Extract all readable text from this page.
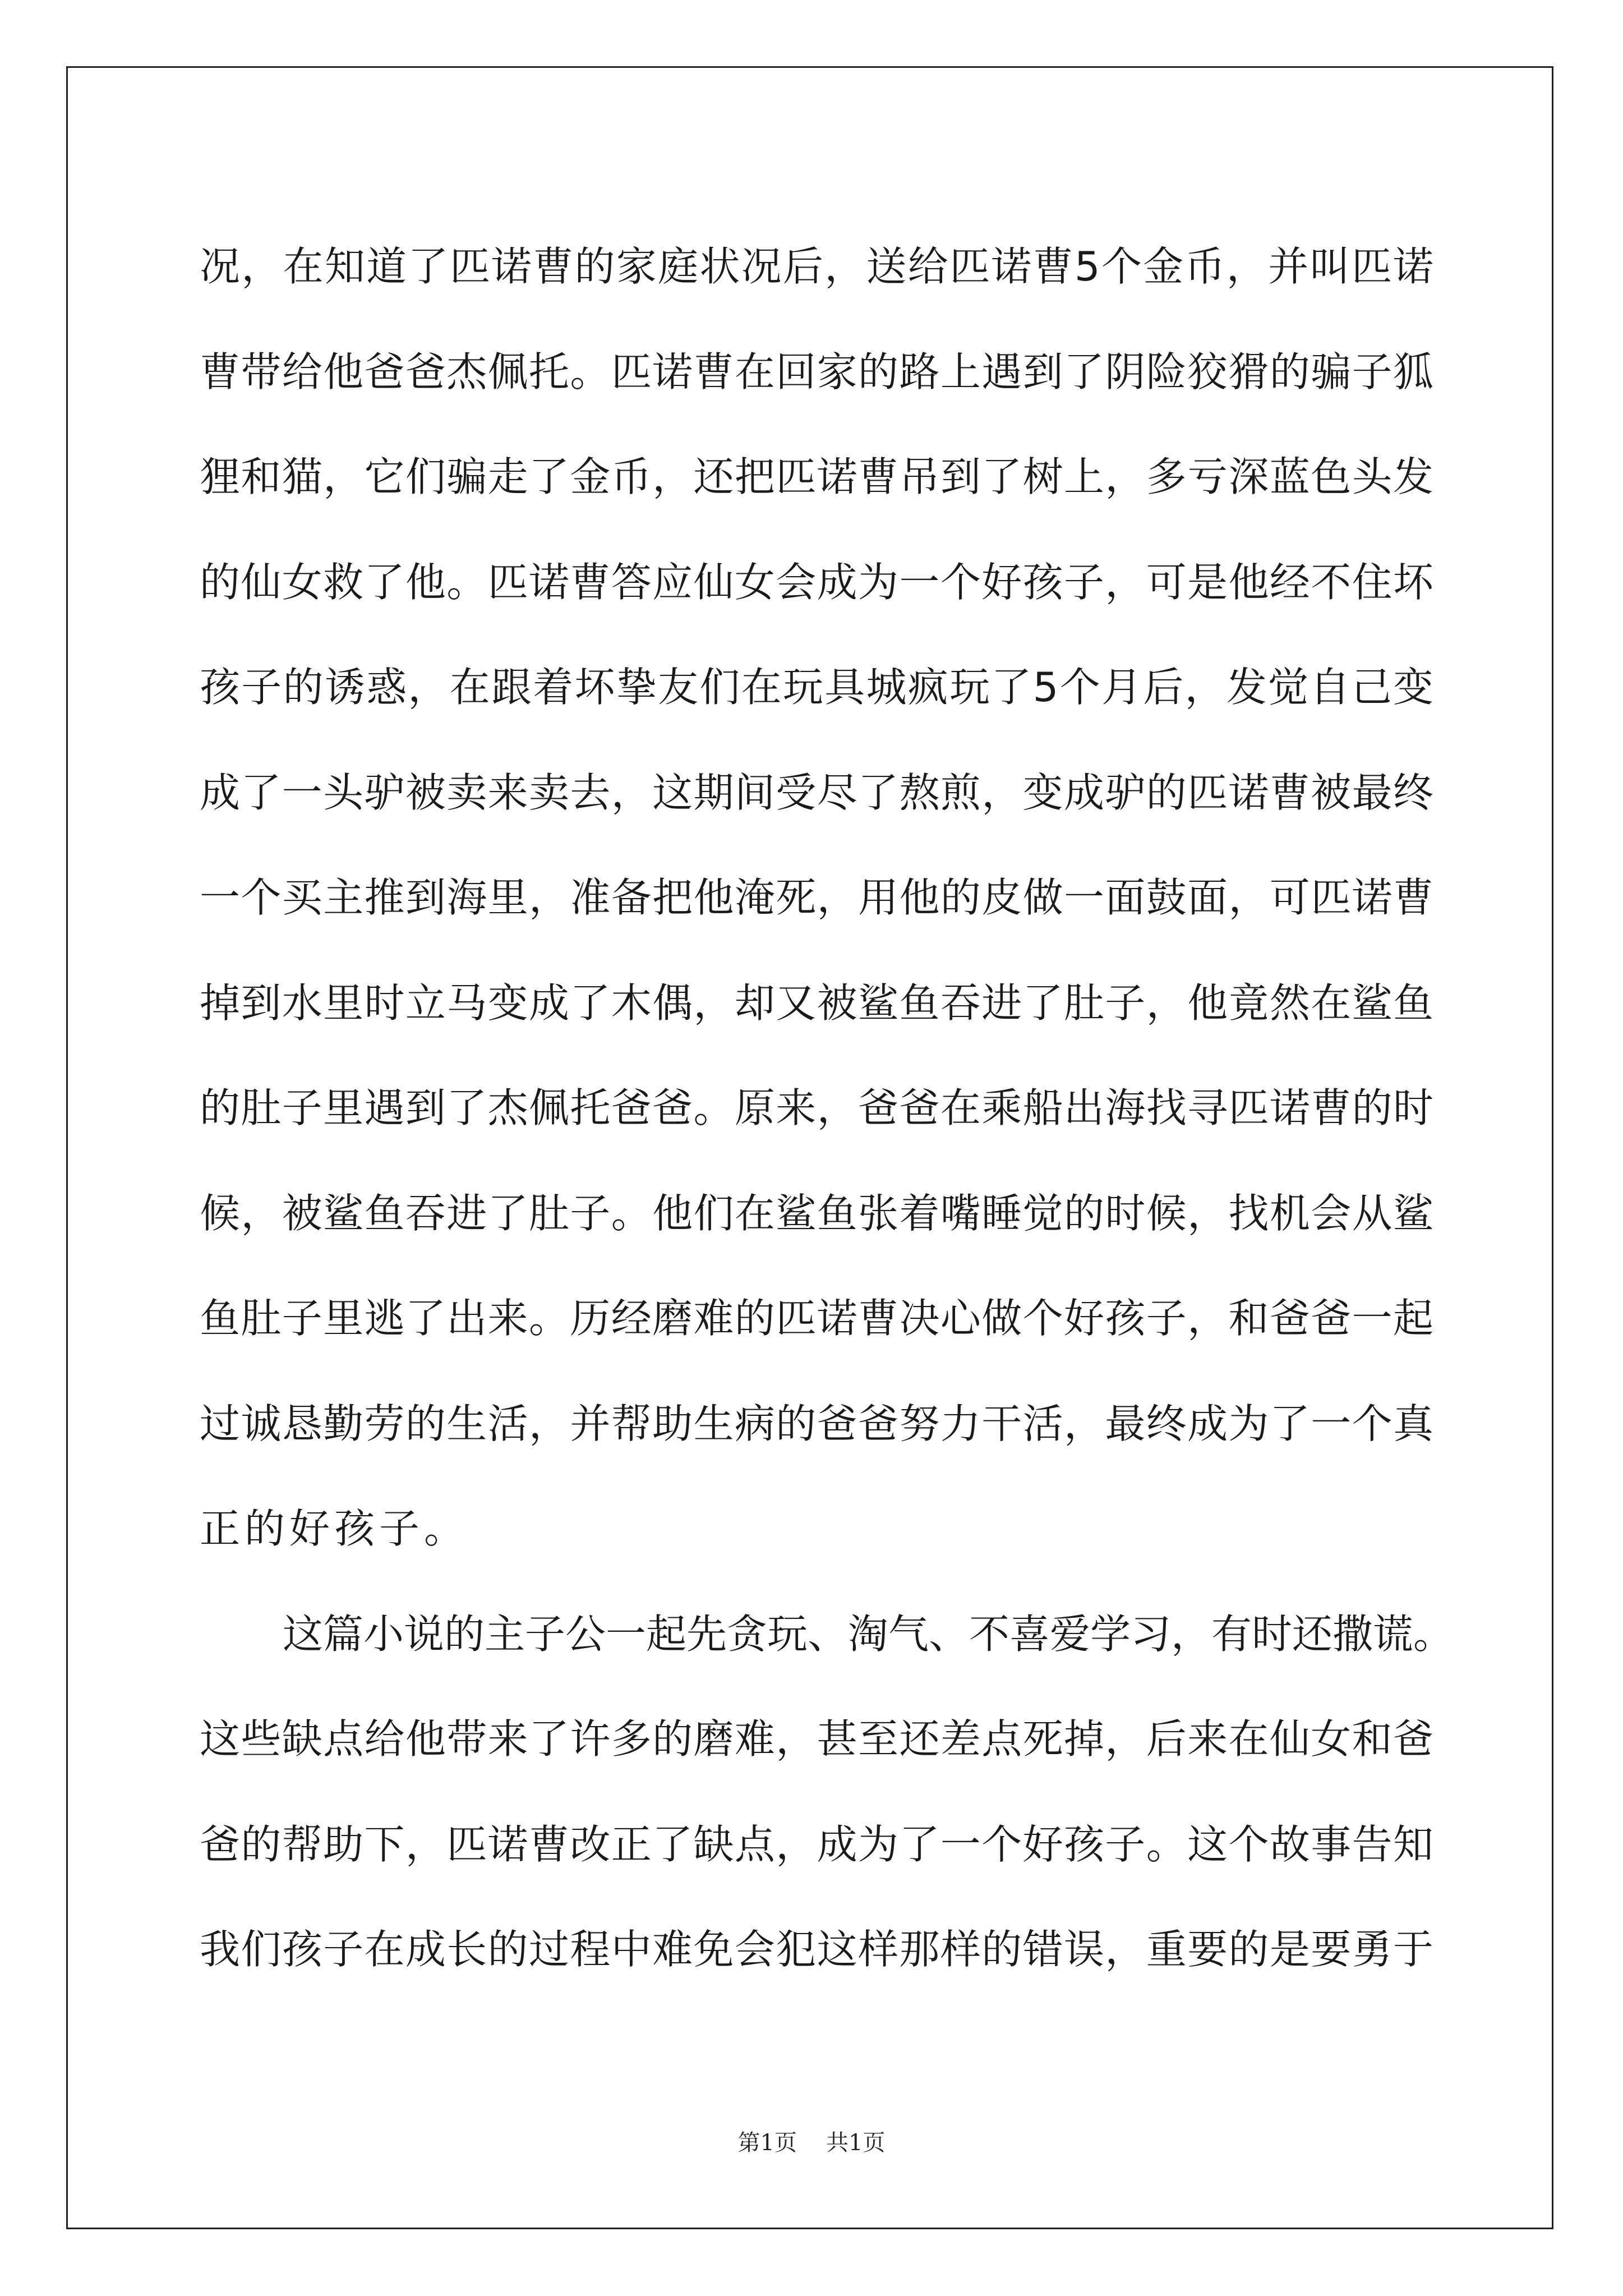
况，在知道了匹诺曹的家庭状况后，送给匹诺曹5个金币，并叫匹诺
曹带给他爸爸杰佩托。匹诺曹在回家的路上遇到了阴险狡猾的骗子狐
狸和猫，它们骗走了金币，还把匹诺曹吊到了树上，多亏深蓝色头发
的仙女救了他。匹诺曹答应仙女会成为一个好孩子，可是他经不住坏
孩子的诱惑，在跟着坏挚友们在玩具城疯玩了5个月后，发觉自己变
成了一头驴被卖来卖去，这期间受尽了熬煎，变成驴的匹诺曹被最终
一个买主推到海里，准备把他淹死，用他的皮做一面鼓面，可匹诺曹
掉到水里时立马变成了木偶，却又被鲨鱼吞进了肚子，他竟然在鲨鱼
的肚子里遇到了杰佩托爸爸。原来，爸爸在乘船出海找寻匹诺曹的时
候，被鲨鱼吞进了肚子。他们在鲨鱼张着嘴睡觉的时候，找机会从鲨
鱼肚子里逃了出来。历经磨难的匹诺曹决心做个好孩子，和爸爸一起
过诚恳勤劳的生活，并帮助生病的爸爸努力干活，最终成为了一个真
正的好孩子。
这篇小说的主子公一起先贪玩、淘气、不喜爱学习，有时还撒谎。
这些缺点给他带来了许多的磨难，甚至还差点死掉，后来在仙女和爸
爸的帮助下，匹诺曹改正了缺点，成为了一个好孩子。这个故事告知
我们孩子在成长的过程中难免会犯这样那样的错误，重要的是要勇于
第1页 共1页
